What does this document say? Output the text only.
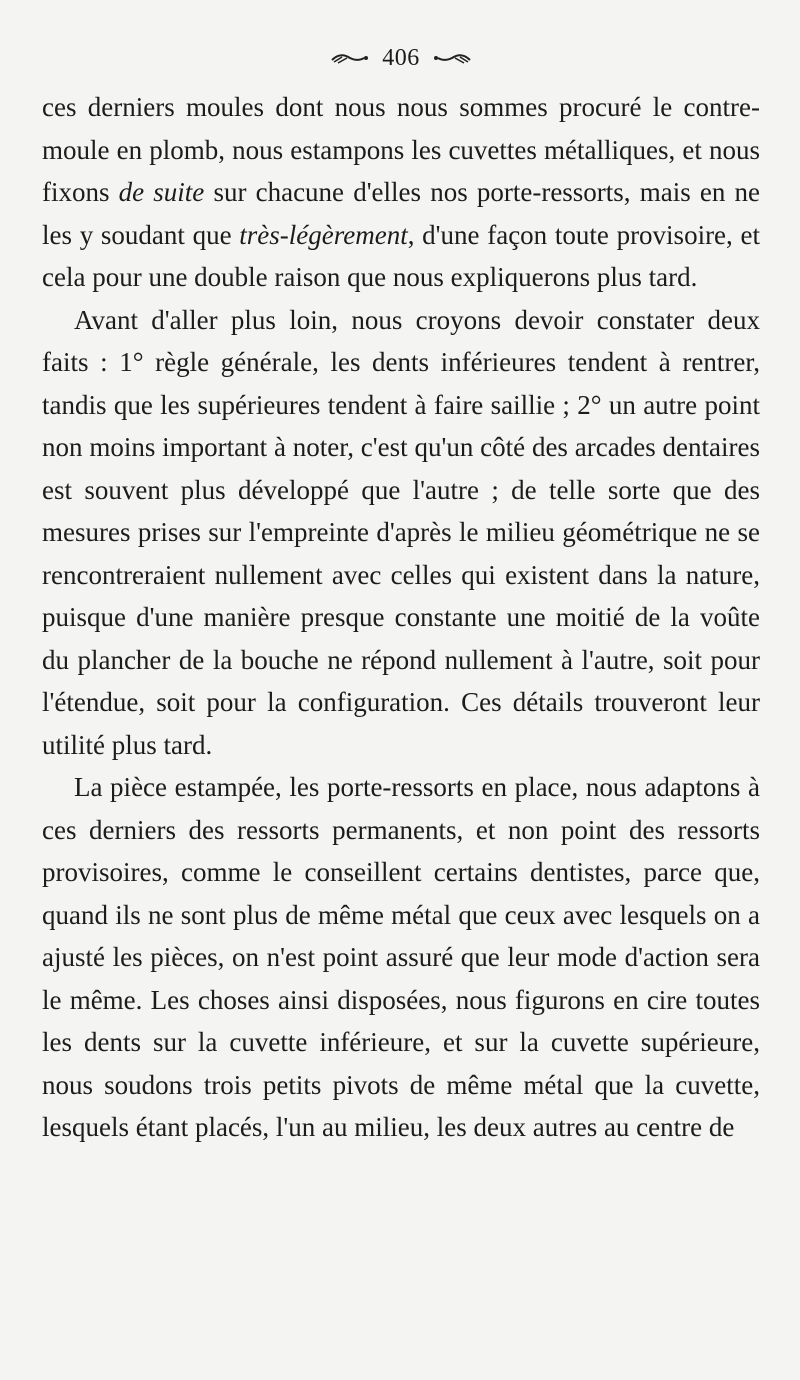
406

ces derniers moules dont nous nous sommes procuré le contre-moule en plomb, nous estampons les cuvettes métalliques, et nous fixons de suite sur chacune d'elles nos porte-ressorts, mais en ne les y soudant que très-légèrement, d'une façon toute provisoire, et cela pour une double raison que nous expliquerons plus tard.

Avant d'aller plus loin, nous croyons devoir constater deux faits : 1° règle générale, les dents inférieures tendent à rentrer, tandis que les supérieures tendent à faire saillie ; 2° un autre point non moins important à noter, c'est qu'un côté des arcades dentaires est souvent plus développé que l'autre ; de telle sorte que des mesures prises sur l'empreinte d'après le milieu géométrique ne se rencontreraient nullement avec celles qui existent dans la nature, puisque d'une manière presque constante une moitié de la voûte du plancher de la bouche ne répond nullement à l'autre, soit pour l'étendue, soit pour la configuration. Ces détails trouveront leur utilité plus tard.

La pièce estampée, les porte-ressorts en place, nous adaptons à ces derniers des ressorts permanents, et non point des ressorts provisoires, comme le conseillent certains dentistes, parce que, quand ils ne sont plus de même métal que ceux avec lesquels on a ajusté les pièces, on n'est point assuré que leur mode d'action sera le même. Les choses ainsi disposées, nous figurons en cire toutes les dents sur la cuvette inférieure, et sur la cuvette supérieure, nous soudons trois petits pivots de même métal que la cuvette, lesquels étant placés, l'un au milieu, les deux autres au centre de
